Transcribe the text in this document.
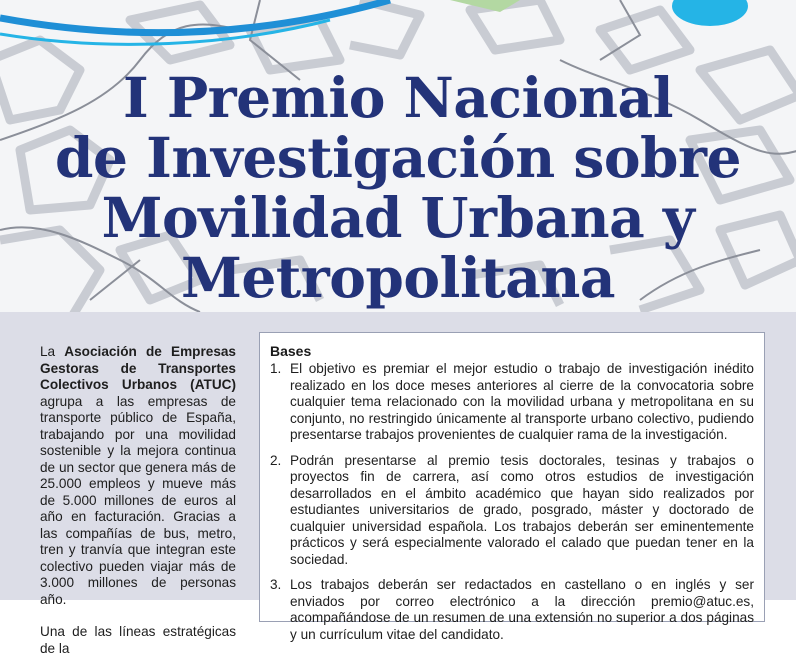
I Premio Nacional
de Investigación sobre
Movilidad Urbana y
Metropolitana

La Asociación de Empresas Gestoras de Transportes Colectivos Urbanos (ATUC) agrupa a las empresas de transporte público de España, trabajando por una movilidad sostenible y la mejora continua de un sector que genera más de 25.000 empleos y mueve más de 5.000 millones de euros al año en facturación. Gracias a las compañías de bus, metro, tren y tranvía que integran este colectivo pueden viajar más de 3.000 millones de personas año.

Una de las líneas estratégicas de la

Bases
1. El objetivo es premiar el mejor estudio o trabajo de investigación inédito realizado en los doce meses anteriores al cierre de la convocatoria sobre cualquier tema relacionado con la movilidad urbana y metropolitana en su conjunto, no restringido únicamente al transporte urbano colectivo, pudiendo presentarse trabajos provenientes de cualquier rama de la investigación.
2. Podrán presentarse al premio tesis doctorales, tesinas y trabajos o proyectos fin de carrera, así como otros estudios de investigación desarrollados en el ámbito académico que hayan sido realizados por estudiantes universitarios de grado, posgrado, máster y doctorado de cualquier universidad española. Los trabajos deberán ser eminentemente prácticos y será especialmente valorado el calado que puedan tener en la sociedad.
3. Los trabajos deberán ser redactados en castellano o en inglés y ser enviados por correo electrónico a la dirección premio@atuc.es, acompañándose de un resumen de una extensión no superior a dos páginas y un currículum vitae del candidato.
